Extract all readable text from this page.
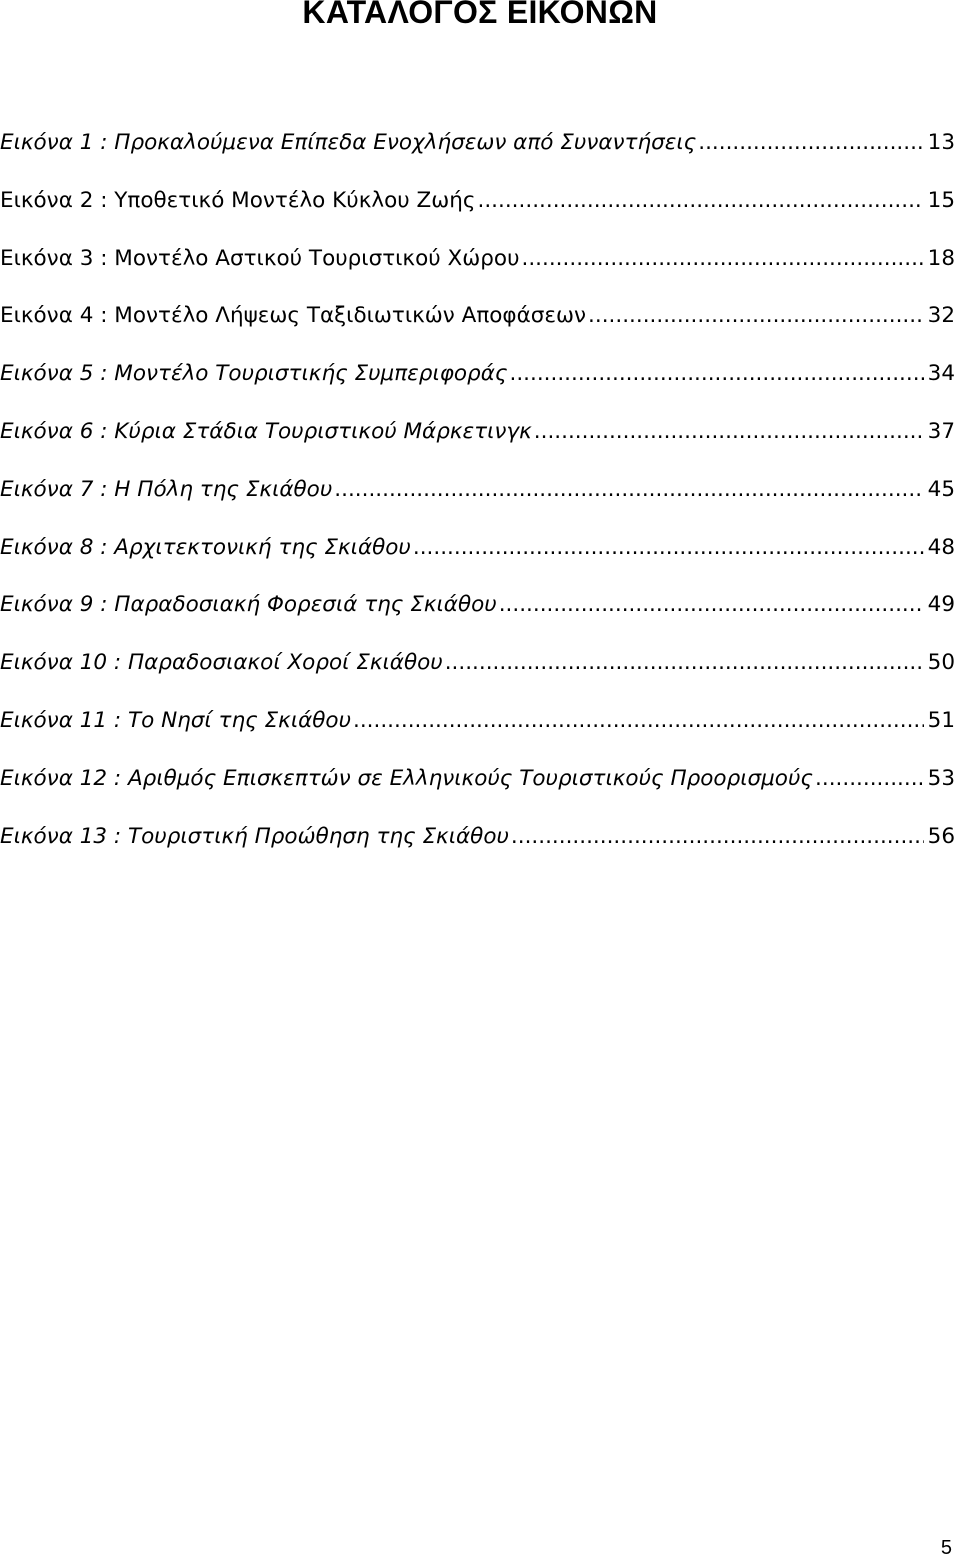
ΚΑΤΑΛΟΓΟΣ ΕΙΚΟΝΩΝ
Εικόνα 1 : Προκαλούμενα Επίπεδα Ενοχλήσεων από Συναντήσεις .....	13
Εικόνα 2 : Υποθετικό Μοντέλο Κύκλου Ζωής .....	15
Εικόνα 3 : Μοντέλο Αστικού Τουριστικού Χώρου .....	18
Εικόνα 4 : Μοντέλο Λήψεως Ταξιδιωτικών Αποφάσεων .....	32
Εικόνα 5 : Μοντέλο Τουριστικής Συμπεριφοράς .....	34
Εικόνα 6 : Κύρια Στάδια Τουριστικού Μάρκετινγκ .....	37
Εικόνα 7 : Η Πόλη της Σκιάθου .....	45
Εικόνα 8 : Αρχιτεκτονική της Σκιάθου .....	48
Εικόνα 9 : Παραδοσιακή Φορεσιά της Σκιάθου .....	49
Εικόνα 10 : Παραδοσιακοί Χοροί Σκιάθου .....	50
Εικόνα 11 : Το Νησί της Σκιάθου .....	51
Εικόνα 12 : Αριθμός Επισκεπτών σε Ελληνικούς Τουριστικούς Προορισμούς .....	53
Εικόνα 13 : Τουριστική Προώθηση της Σκιάθου .....	56
5
